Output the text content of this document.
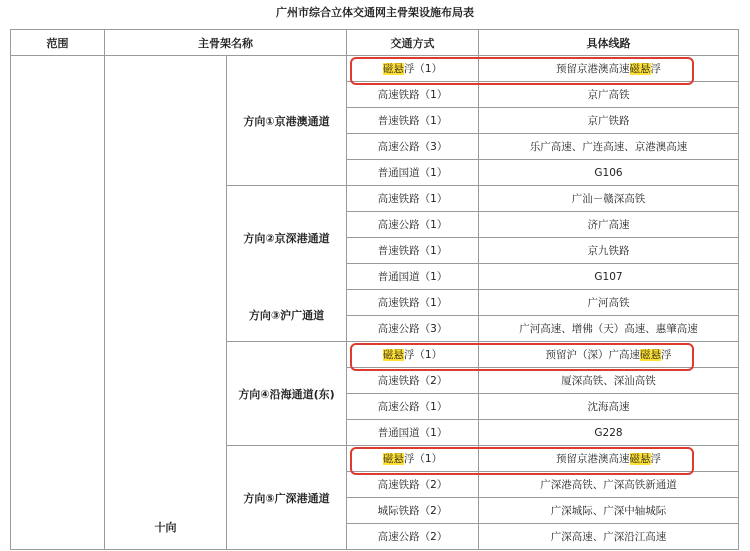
广州市综合立体交通网主骨架设施布局表
范围	主骨架名称		交通方式	具体线路
	十向	方向①京港澳通道	磁悬浮（1）	预留京港澳高速磁悬浮
			高速铁路（1）	京广高铁
			普速铁路（1）	京广铁路
			高速公路（3）	乐广高速、广连高速、京港澳高速
			普通国道（1）	G106
		方向②京深港通道	高速铁路（1）	广汕－赣深高铁
			高速公路（1）	济广高速
			普速铁路（1）	京九铁路
			普通国道（1）	G107
		方向③沪广通道	高速铁路（1）	广河高铁
			高速公路（3）	广河高速、增佛（天）高速、惠肇高速
		方向④沿海通道(东)	磁悬浮（1）	预留沪（深）广高速磁悬浮
			高速铁路（2）	厦深高铁、深汕高铁
			高速公路（1）	沈海高速
			普通国道（1）	G228
		方向⑤广深港通道	磁悬浮（1）	预留京港澳高速磁悬浮
			高速铁路（2）	广深港高铁、广深高铁新通道
			城际铁路（2）	广深城际、广深中轴城际
			高速公路（2）	广深高速、广深沿江高速
